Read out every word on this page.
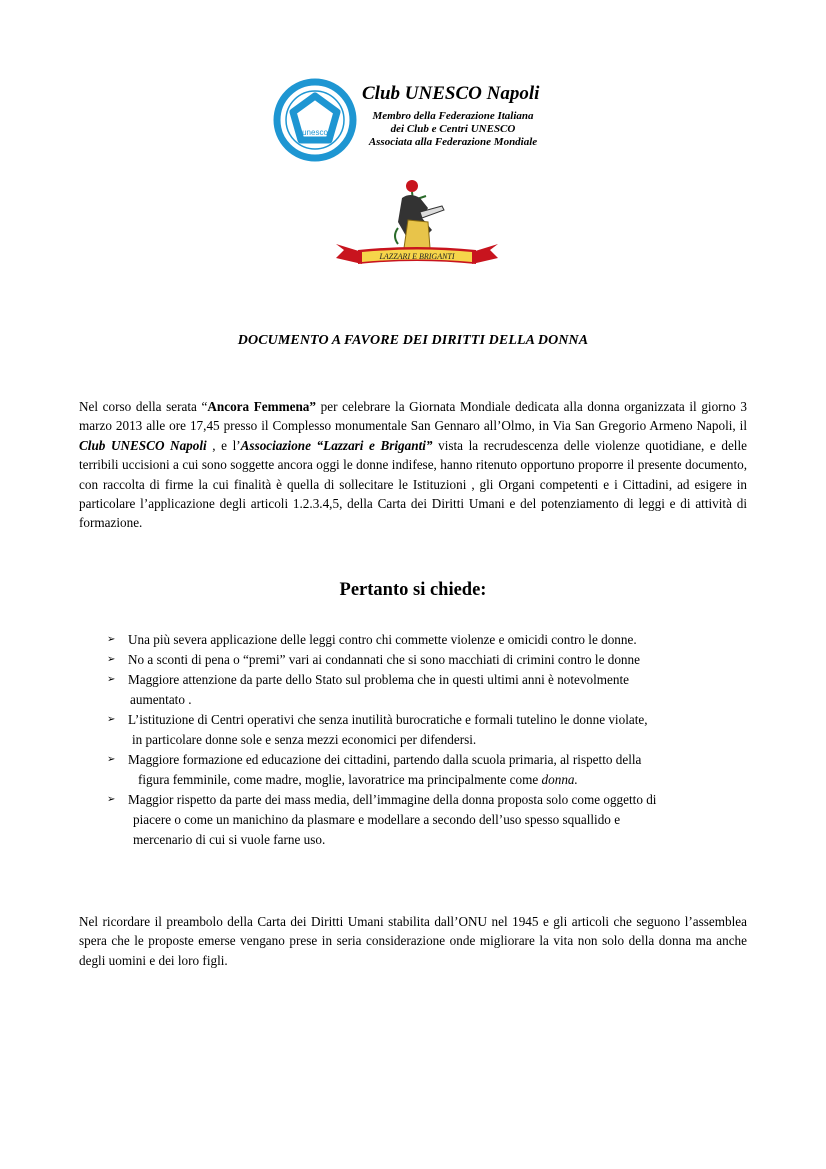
unesco
Club UNESCO Napoli
Membro della Federazione Italiana
dei Club e Centri UNESCO
Associata alla Federazione Mondiale
LAZZARI E BRIGANTI
DOCUMENTO A FAVORE DEI DIRITTI DELLA DONNA

Nel corso della serata “Ancora Femmena” per celebrare la Giornata Mondiale dedicata alla donna organizzata il giorno 3 marzo 2013 alle ore 17,45 presso il Complesso monumentale San Gennaro all’Olmo, in Via San Gregorio Armeno Napoli, il Club UNESCO Napoli , e l’Associazione “Lazzari e Briganti” vista la recrudescenza delle violenze quotidiane, e delle terribili uccisioni a cui sono soggette ancora oggi le donne indifese, hanno ritenuto opportuno proporre il presente documento, con raccolta di firme la cui finalità è quella di sollecitare le Istituzioni , gli Organi competenti e i Cittadini, ad esigere in particolare l’applicazione degli articoli 1.2.3.4,5, della Carta dei Diritti Umani e del potenziamento di leggi e di attività di formazione.

Pertanto si chiede:
➢ Una più severa applicazione delle leggi contro chi commette violenze e omicidi contro le donne.
➢ No a sconti di pena o “premi” vari ai condannati che si sono macchiati di crimini contro le donne
➢ Maggiore attenzione da parte dello Stato sul problema che in questi ultimi anni è notevolmente
aumentato .
➢ L’istituzione di Centri operativi che senza inutilità burocratiche e formali tutelino le donne violate,
in particolare donne sole e senza mezzi economici per difendersi.
➢ Maggiore formazione ed educazione dei cittadini, partendo dalla scuola primaria, al rispetto della
figura femminile, come madre, moglie, lavoratrice ma principalmente come donna.
➢ Maggior rispetto da parte dei mass media, dell’immagine della donna proposta solo come oggetto di
piacere o come un manichino da plasmare e modellare a secondo dell’uso spesso squallido e
mercenario di cui si vuole farne uso.

Nel ricordare il preambolo della Carta dei Diritti Umani stabilita dall’ONU nel 1945 e gli articoli che seguono l’assemblea spera che le proposte emerse vengano prese in seria considerazione onde migliorare la vita non solo della donna ma anche degli uomini e dei loro figli.
